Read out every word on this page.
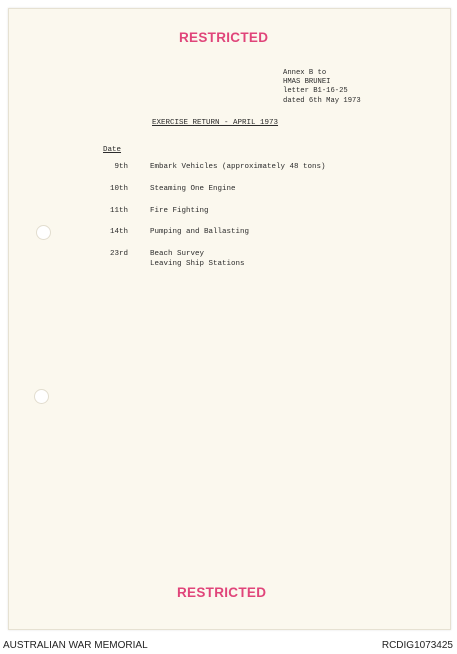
RESTRICTED
Annex B to
HMAS BRUNEI
letter B1-16-25
dated 6th May 1973
EXERCISE RETURN - APRIL 1973
Date
9th	Embark Vehicles (approximately 48 tons)
10th	Steaming One Engine
11th	Fire Fighting
14th	Pumping and Ballasting
23rd	Beach Survey
Leaving Ship Stations
RESTRICTED
AUSTRALIAN WAR MEMORIAL	RCDIG1073425
